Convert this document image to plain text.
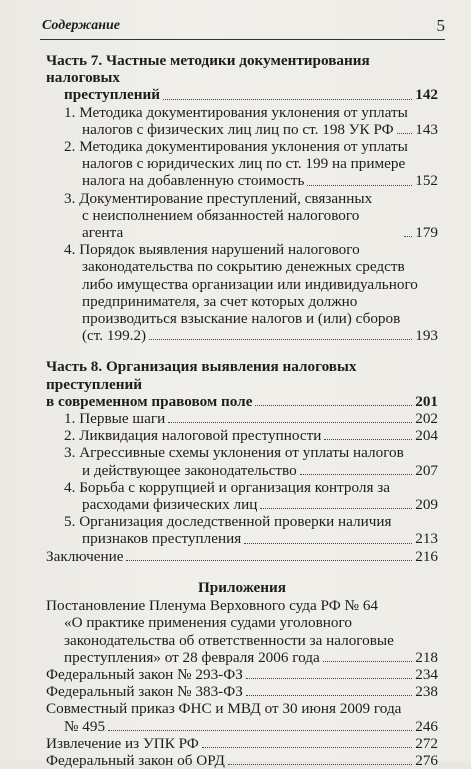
Содержание	5
Часть 7. Частные методики документирования налоговых
преступлений	142
1. Методика документирования уклонения от уплаты
налогов с физических лиц лиц по ст. 198 УК РФ 143
2. Методика документирования уклонения от уплаты
налогов с юридических лиц по ст. 199 на примере
налога на добавленную стоимость	152
3. Документирование преступлений, связанных
с неисполнением обязанностей налогового агента	179
4. Порядок выявления нарушений налогового
законодательства по сокрытию денежных средств
либо имущества организации или индивидуального
предпринимателя, за счет которых должно
производиться взыскание налогов и (или) сборов
(ст. 199.2)	193
Часть 8. Организация выявления налоговых преступлений
в современном правовом поле	201
1. Первые шаги	202
2. Ликвидация налоговой преступности	204
3. Агрессивные схемы уклонения от уплаты налогов
и действующее законодательство	207
4. Борьба с коррупцией и организация контроля за
расходами физических лиц	209
5. Организация доследственной проверки наличия
признаков преступления	213
Заключение	216
Приложения
Постановление Пленума Верховного суда РФ № 64
«О практике применения судами уголовного
законодательства об ответственности за налоговые
преступления» от 28 февраля 2006 года	218
Федеральный закон № 293-ФЗ	234
Федеральный закон № 383-ФЗ	238
Совместный приказ ФНС и МВД от 30 июня 2009 года
№ 495	246
Извлечение из УПК РФ	272
Федеральный закон об ОРД	276
